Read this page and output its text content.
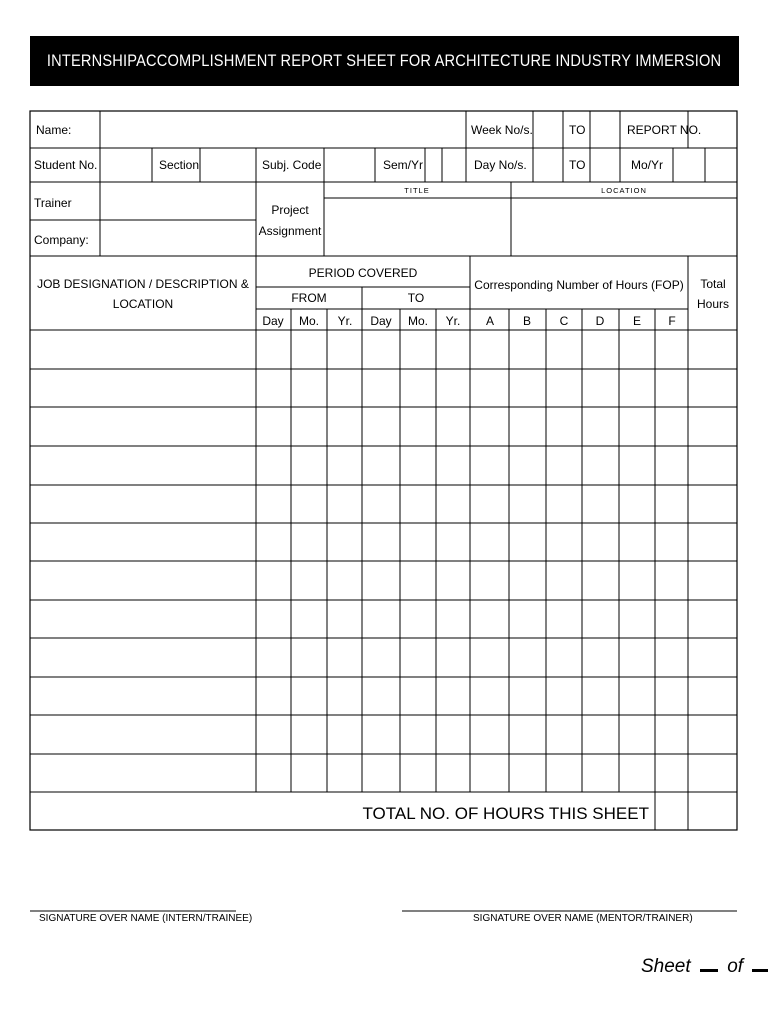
INTERNSHIPACCOMPLISHMENT REPORT SHEET FOR ARCHITECTURE INDUSTRY IMMERSION
Name:	Week No/s.	TO	REPORT NO.
Student No.	Section	Subj. Code	Sem/Yr	Day No/s.	TO	Mo/Yr
Trainer
Company:
Project
Assignment
TITLE	LOCATION
JOB DESIGNATION / DESCRIPTION &
LOCATION
PERIOD COVERED
FROM	TO
Day Mo. Yr. Day Mo. Yr.
Corresponding Number of Hours (FOP)
A B C D E F
Total
Hours
TOTAL NO. OF HOURS THIS SHEET
SIGNATURE OVER NAME (INTERN/TRAINEE)	SIGNATURE OVER NAME (MENTOR/TRAINER)
Sheet of
